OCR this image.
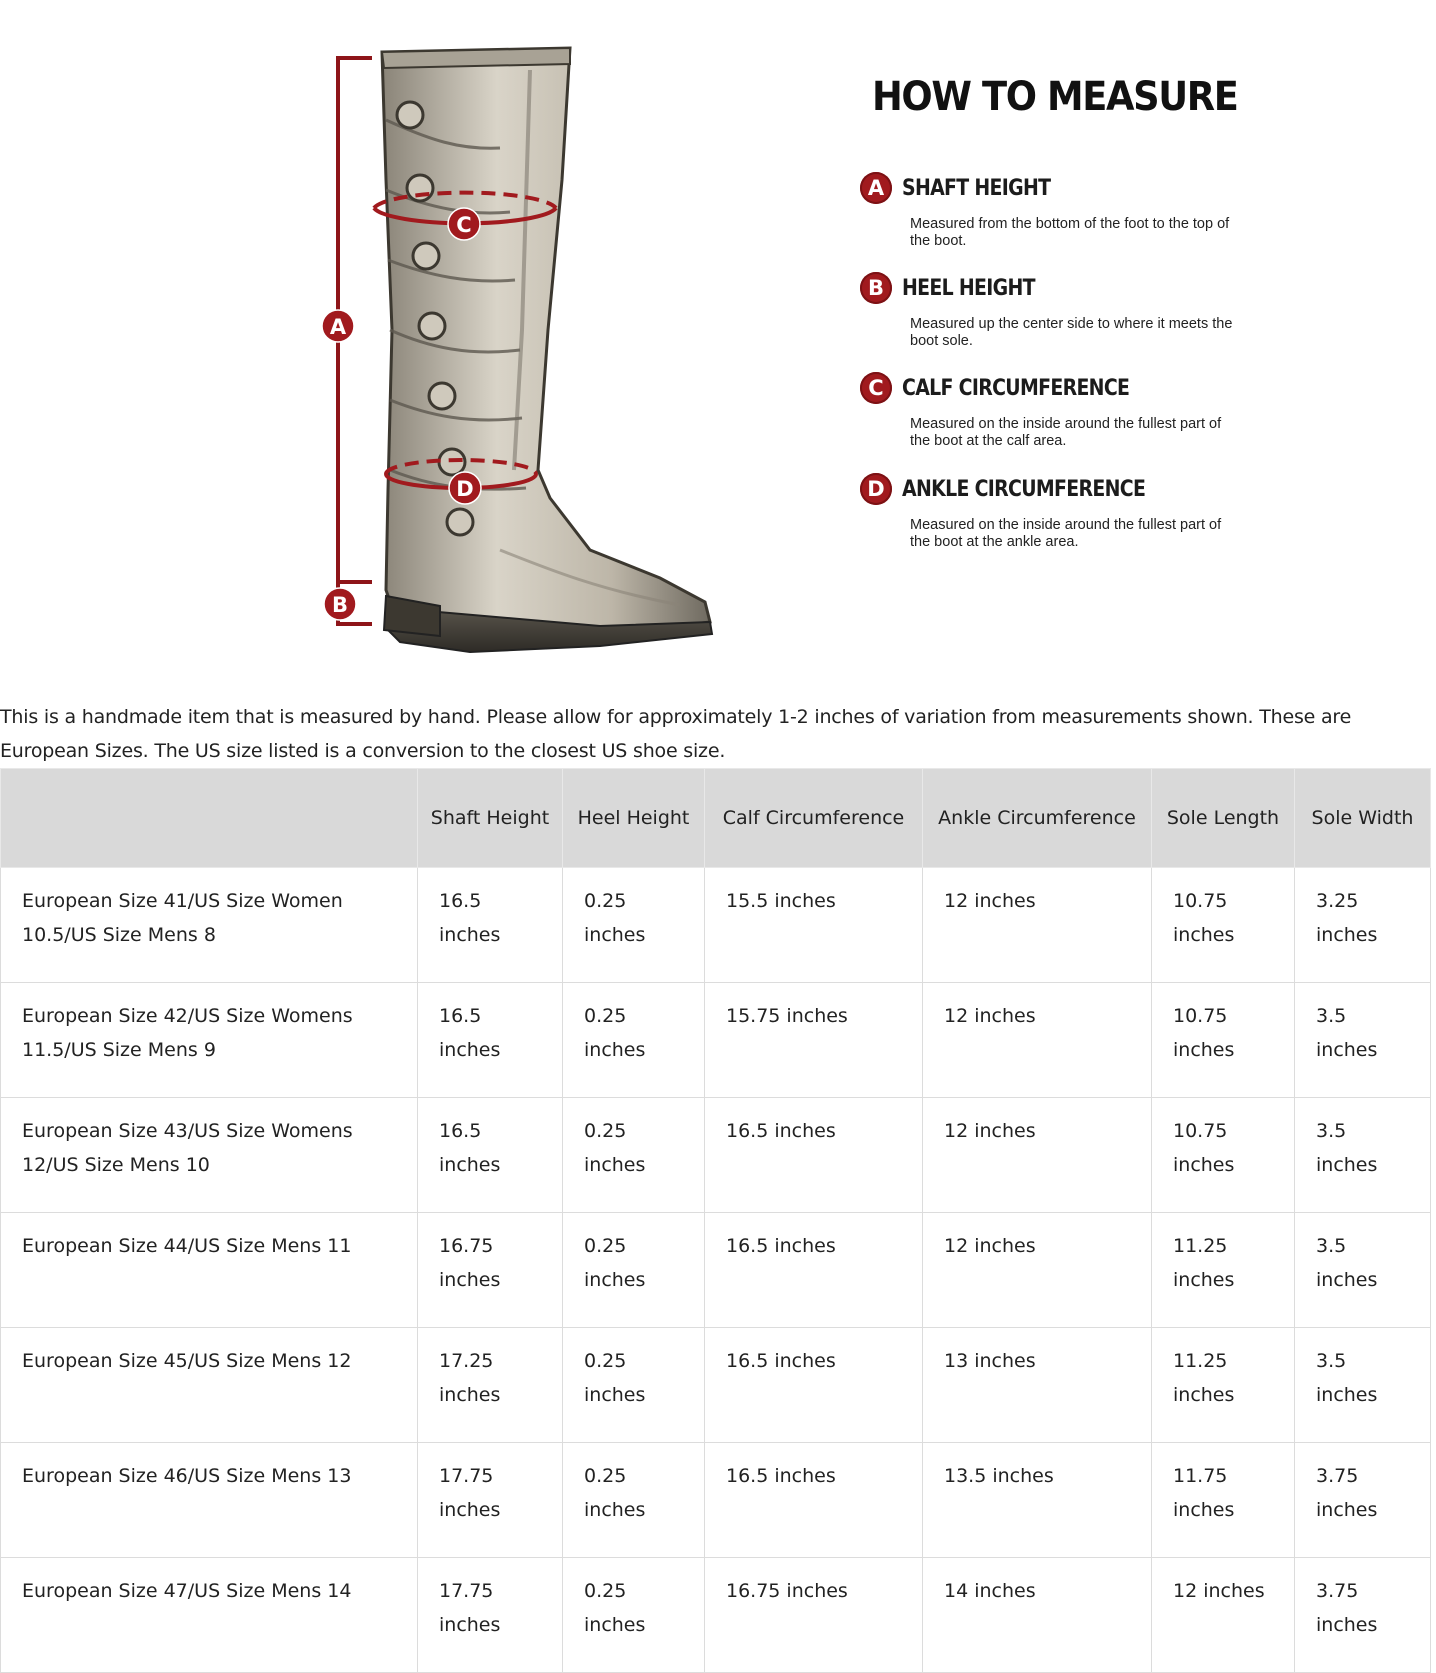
A
B
C
D
HOW TO MEASURE
A SHAFT HEIGHT
Measured from the bottom of the foot to the top of the boot.
B HEEL HEIGHT
Measured up the center side to where it meets the boot sole.
C CALF CIRCUMFERENCE
Measured on the inside around the fullest part of the boot at the calf area.
D ANKLE CIRCUMFERENCE
Measured on the inside around the fullest part of the boot at the ankle area.
This is a handmade item that is measured by hand. Please allow for approximately 1-2 inches of variation from measurements shown. These are European Sizes. The US size listed is a conversion to the closest US shoe size.
	Shaft Height	Heel Height	Calf Circumference	Ankle Circumference	Sole Length	Sole Width
European Size 41/US Size Women 10.5/US Size Mens 8	16.5 inches	0.25 inches	15.5 inches	12 inches	10.75 inches	3.25 inches
European Size 42/US Size Womens 11.5/US Size Mens 9	16.5 inches	0.25 inches	15.75 inches	12 inches	10.75 inches	3.5 inches
European Size 43/US Size Womens 12/US Size Mens 10	16.5 inches	0.25 inches	16.5 inches	12 inches	10.75 inches	3.5 inches
European Size 44/US Size Mens 11	16.75 inches	0.25 inches	16.5 inches	12 inches	11.25 inches	3.5 inches
European Size 45/US Size Mens 12	17.25 inches	0.25 inches	16.5 inches	13 inches	11.25 inches	3.5 inches
European Size 46/US Size Mens 13	17.75 inches	0.25 inches	16.5 inches	13.5 inches	11.75 inches	3.75 inches
European Size 47/US Size Mens 14	17.75 inches	0.25 inches	16.75 inches	14 inches	12 inches	3.75 inches
